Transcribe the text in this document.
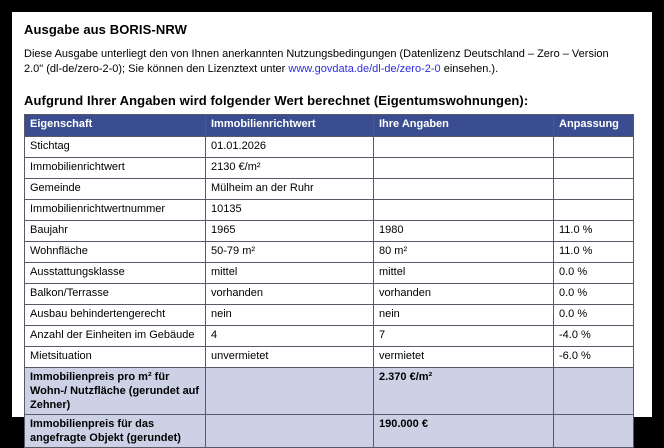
Ausgabe aus BORIS-NRW

Diese Ausgabe unterliegt den von Ihnen anerkannten Nutzungsbedingungen (Datenlizenz Deutschland – Zero – Version 2.0" (dl-de/zero-2-0); Sie können den Lizenztext unter www.govdata.de/dl-de/zero-2-0 einsehen.).

Aufgrund Ihrer Angaben wird folgender Wert berechnet (Eigentumswohnungen):
Eigenschaft	Immobilienrichtwert	Ihre Angaben	Anpassung
Stichtag	01.01.2026		
Immobilienrichtwert	2130 €/m²		
Gemeinde	Mülheim an der Ruhr		
Immobilienrichtwertnummer	10135		
Baujahr	1965	1980	11.0 %
Wohnfläche	50-79 m²	80 m²	11.0 %
Ausstattungsklasse	mittel	mittel	0.0 %
Balkon/Terrasse	vorhanden	vorhanden	0.0 %
Ausbau behindertengerecht	nein	nein	0.0 %
Anzahl der Einheiten im Gebäude	4	7	-4.0 %
Mietsituation	unvermietet	vermietet	-6.0 %
Immobilienpreis pro m² für Wohn-/ Nutzfläche (gerundet auf Zehner)		2.370 €/m²	
Immobilienpreis für das angefragte Objekt (gerundet)		190.000 €	
